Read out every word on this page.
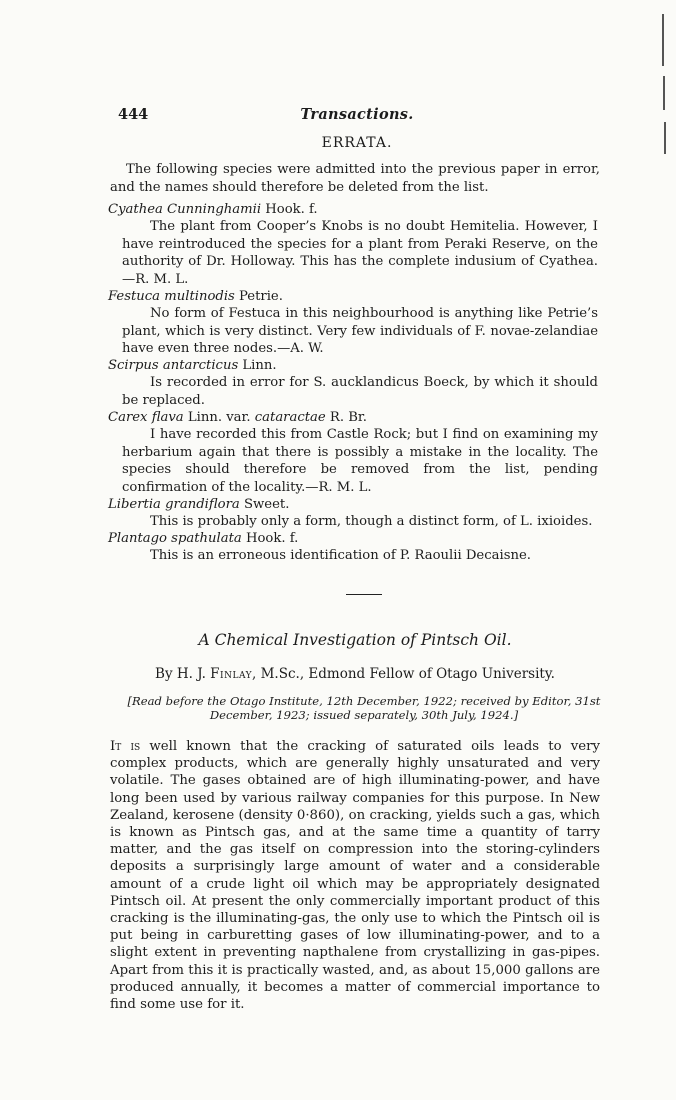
444	Transactions.
ERRATA.
The following species were admitted into the previous paper in error, and the names should therefore be deleted from the list.
Cyathea Cunninghamii Hook. f.
The plant from Cooper’s Knobs is no doubt Hemitelia. However, I have reintroduced the species for a plant from Peraki Reserve, on the authority of Dr. Holloway. This has the complete indusium of Cyathea.—R. M. L.
Festuca multinodis Petrie.
No form of Festuca in this neighbourhood is anything like Petrie’s plant, which is very distinct. Very few individuals of F. novae-zelandiae have even three nodes.—A. W.
Scirpus antarcticus Linn.
Is recorded in error for S. aucklandicus Boeck, by which it should be replaced.
Carex flava Linn. var. cataractae R. Br.
I have recorded this from Castle Rock; but I find on examining my herbarium again that there is possibly a mistake in the locality. The species should therefore be removed from the list, pending confirmation of the locality.—R. M. L.
Libertia grandiflora Sweet.
This is probably only a form, though a distinct form, of L. ixioides.
Plantago spathulata Hook. f.
This is an erroneous identification of P. Raoulii Decaisne.
A Chemical Investigation of Pintsch Oil.
By H. J. Finlay, M.Sc., Edmond Fellow of Otago University.
[Read before the Otago Institute, 12th December, 1922; received by Editor, 31st December, 1923; issued separately, 30th July, 1924.]
It is well known that the cracking of saturated oils leads to very complex products, which are generally highly unsaturated and very volatile. The gases obtained are of high illuminating-power, and have long been used by various railway companies for this purpose. In New Zealand, kerosene (density 0·860), on cracking, yields such a gas, which is known as Pintsch gas, and at the same time a quantity of tarry matter, and the gas itself on compression into the storing-cylinders deposits a surprisingly large amount of water and a considerable amount of a crude light oil which may be appropriately designated Pintsch oil. At present the only commercially important product of this cracking is the illuminating-gas, the only use to which the Pintsch oil is put being in carburetting gases of low illuminating-power, and to a slight extent in preventing napthalene from crystallizing in gas-pipes. Apart from this it is practically wasted, and, as about 15,000 gallons are produced annually, it becomes a matter of commercial importance to find some use for it.
